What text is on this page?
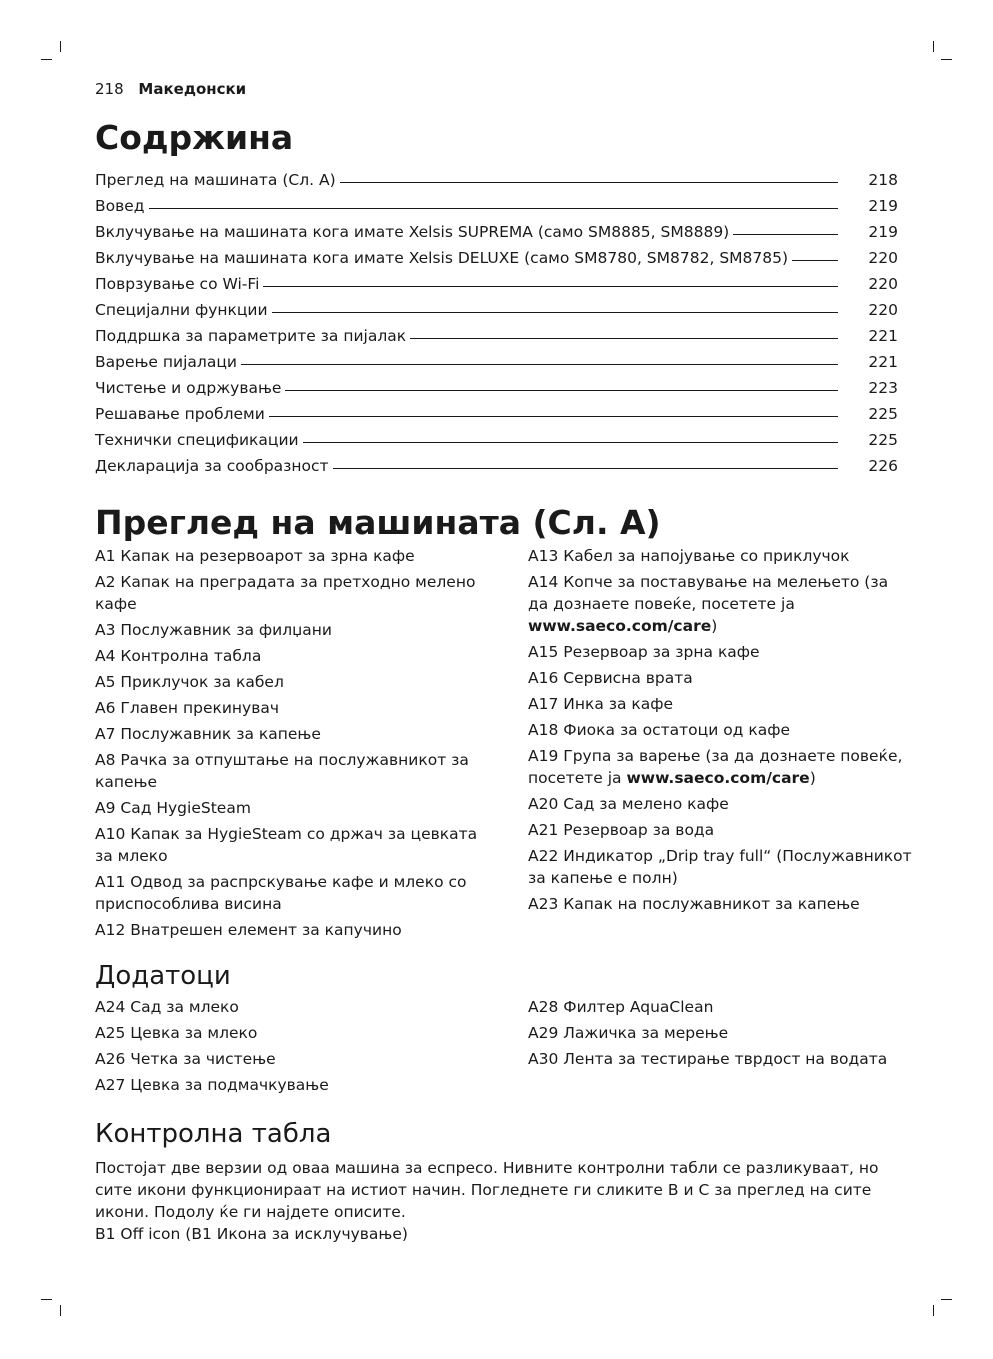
218 Македонски
Содржина
Преглед на машината (Сл. A)	218
Вовед	219
Вклучување на машината кога имате Xelsis SUPREMA (само SM8885, SM8889)	219
Вклучување на машината кога имате Xelsis DELUXE (само SM8780, SM8782, SM8785)	220
Поврзување со Wi-Fi	220
Специјални функции	220
Поддршка за параметрите за пијалак	221
Варење пијалаци	221
Чистење и одржување	223
Решавање проблеми	225
Технички спецификации	225
Декларација за сообразност	226
Преглед на машината (Сл. A)
A1 Капак на резервоарот за зрна кафе
A2 Капак на преградата за претходно мелено кафе
A3 Послужавник за филџани
A4 Контролна табла
A5 Приклучок за кабел
A6 Главен прекинувач
A7 Послужавник за капење
A8 Рачка за отпуштање на послужавникот за капење
A9 Сад HygieSteam
A10 Капак за HygieSteam со држач за цевката за млеко
A11 Одвод за распрскување кафе и млеко со приспособлива висина
A12 Внатрешен елемент за капучино
A13 Кабел за напојување со приклучок
A14 Копче за поставување на мелењето (за да дознаете повеќе, посетете ја www.saeco.com/care)
A15 Резервоар за зрна кафе
A16 Сервисна врата
A17 Инка за кафе
A18 Фиока за остатоци од кафе
A19 Група за варење (за да дознаете повеќе, посетете ја www.saeco.com/care)
A20 Сад за мелено кафе
A21 Резервоар за вода
A22 Индикатор „Drip tray full“ (Послужавникот за капење е полн)
A23 Капак на послужавникот за капење
Додатоци
A24 Сад за млеко
A25 Цевка за млеко
A26 Четка за чистење
A27 Цевка за подмачкување
A28 Филтер AquaClean
A29 Лажичка за мерење
A30 Лента за тестирање тврдост на водата
Контролна табла
Постојат две верзии од оваа машина за еспресо. Нивните контролни табли се разликуваат, но сите икони функционираат на истиот начин. Погледнете ги сликите B и C за преглед на сите икони. Подолу ќе ги најдете описите.
B1 Off icon (B1 Икона за исклучување)
